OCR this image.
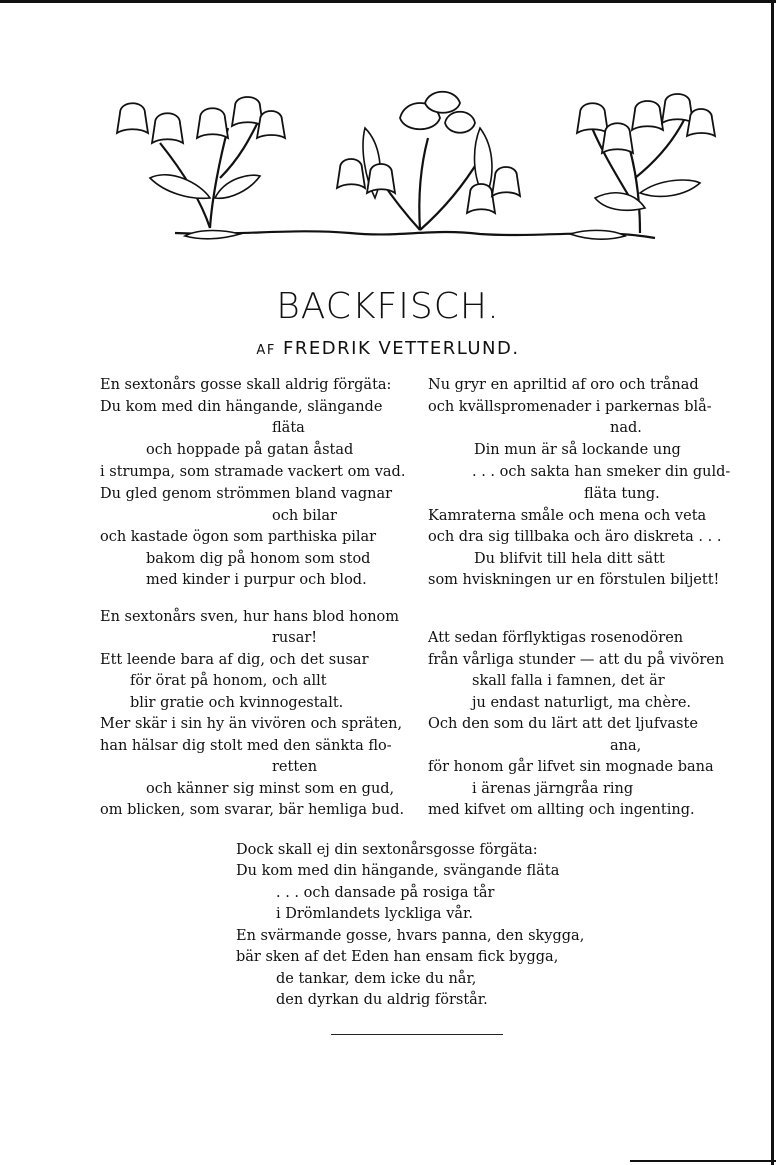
BACKFISCH.
AF FREDRIK VETTERLUND.
En sextonårs gosse skall aldrig förgäta:
Du kom med din hängande, slängande
fläta
och hoppade på gatan åstad
i strumpa, som stramade vackert om vad.
Du gled genom strömmen bland vagnar
och bilar
och kastade ögon som parthiska pilar
bakom dig på honom som stod
med kinder i purpur och blod.
En sextonårs sven, hur hans blod honom
rusar!
Ett leende bara af dig, och det susar
för örat på honom, och allt
blir gratie och kvinnogestalt.
Mer skär i sin hy än vivören och spräten,
han hälsar dig stolt med den sänkta flo-
retten
och känner sig minst som en gud,
om blicken, som svarar, bär hemliga bud.
Nu gryr en apriltid af oro och trånad
och kvällspromenader i parkernas blå-
nad.
Din mun är så lockande ung
. . . och sakta han smeker din guld-
fläta tung.
Kamraterna småle och mena och veta
och dra sig tillbaka och äro diskreta . . .
Du blifvit till hela ditt sätt
som hviskningen ur en förstulen biljett!
Att sedan förflyktigas rosenodören
från vårliga stunder — att du på vivören
skall falla i famnen, det är
ju endast naturligt, ma chère.
Och den som du lärt att det ljufvaste
ana,
för honom går lifvet sin mognade bana
i ärenas järngråa ring
med kifvet om allting och ingenting.
Dock skall ej din sextonårsgosse förgäta:
Du kom med din hängande, svängande fläta
. . . och dansade på rosiga tår
i Drömlandets lyckliga vår.
En svärmande gosse, hvars panna, den skygga,
bär sken af det Eden han ensam fick bygga,
de tankar, dem icke du når,
den dyrkan du aldrig förstår.
